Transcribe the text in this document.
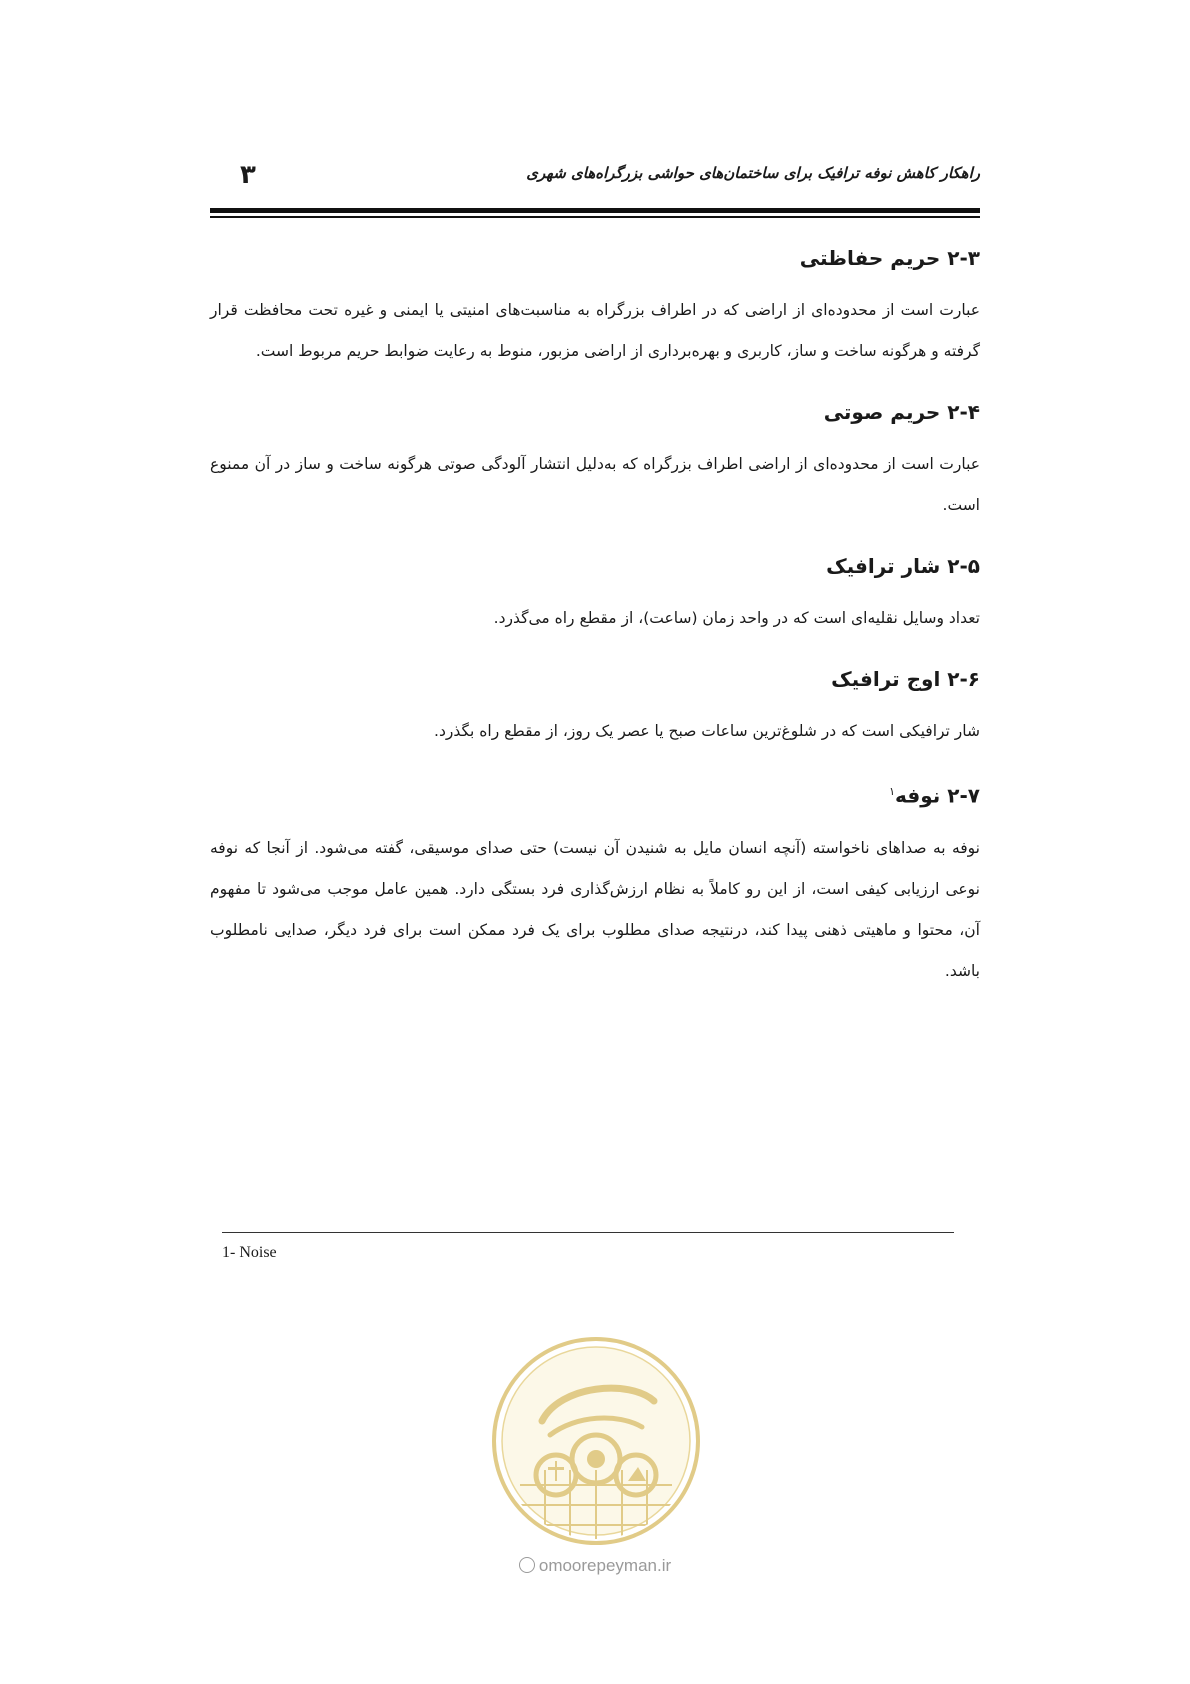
راهکار کاهش نوفه ترافیک برای ساختمان‌های حواشی بزرگراه‌های شهری
۳
۲-۳ حریم حفاظتی

عبارت است از محدوده‌ای از اراضی که در اطراف بزرگراه به مناسبت‌های امنیتی یا ایمنی و غیره تحت محافظت قرار گرفته و هرگونه ساخت و ساز، کاربری و بهره‌برداری از اراضی مزبور، منوط به رعایت ضوابط حریم مربوط است.

۲-۴ حریم صوتی

عبارت است از محدوده‌ای از اراضی اطراف بزرگراه که به‌دلیل انتشار آلودگی صوتی هرگونه ساخت و ساز در آن ممنوع است.

۲-۵ شار ترافیک

تعداد وسایل نقلیه‌ای است که در واحد زمان (ساعت)، از مقطع راه می‌گذرد.

۲-۶ اوج ترافیک

شار ترافیکی است که در شلوغ‌ترین ساعات صبح یا عصر یک روز، از مقطع راه بگذرد.

۲-۷ نوفه$^۱$

نوفه به صداهای ناخواسته (آنچه انسان مایل به شنیدن آن نیست) حتی صدای موسیقی، گفته می‌شود. از آنجا که نوفه نوعی ارزیابی کیفی است، از این رو کاملاً به نظام ارزش‌گذاری فرد بستگی دارد. همین عامل موجب می‌شود تا مفهوم آن، محتوا و ماهیتی ذهنی پیدا کند، درنتیجه صدای مطلوب برای یک فرد ممکن است برای فرد دیگر، صدایی نامطلوب باشد.

1- Noise
omoorepeyman.ir
